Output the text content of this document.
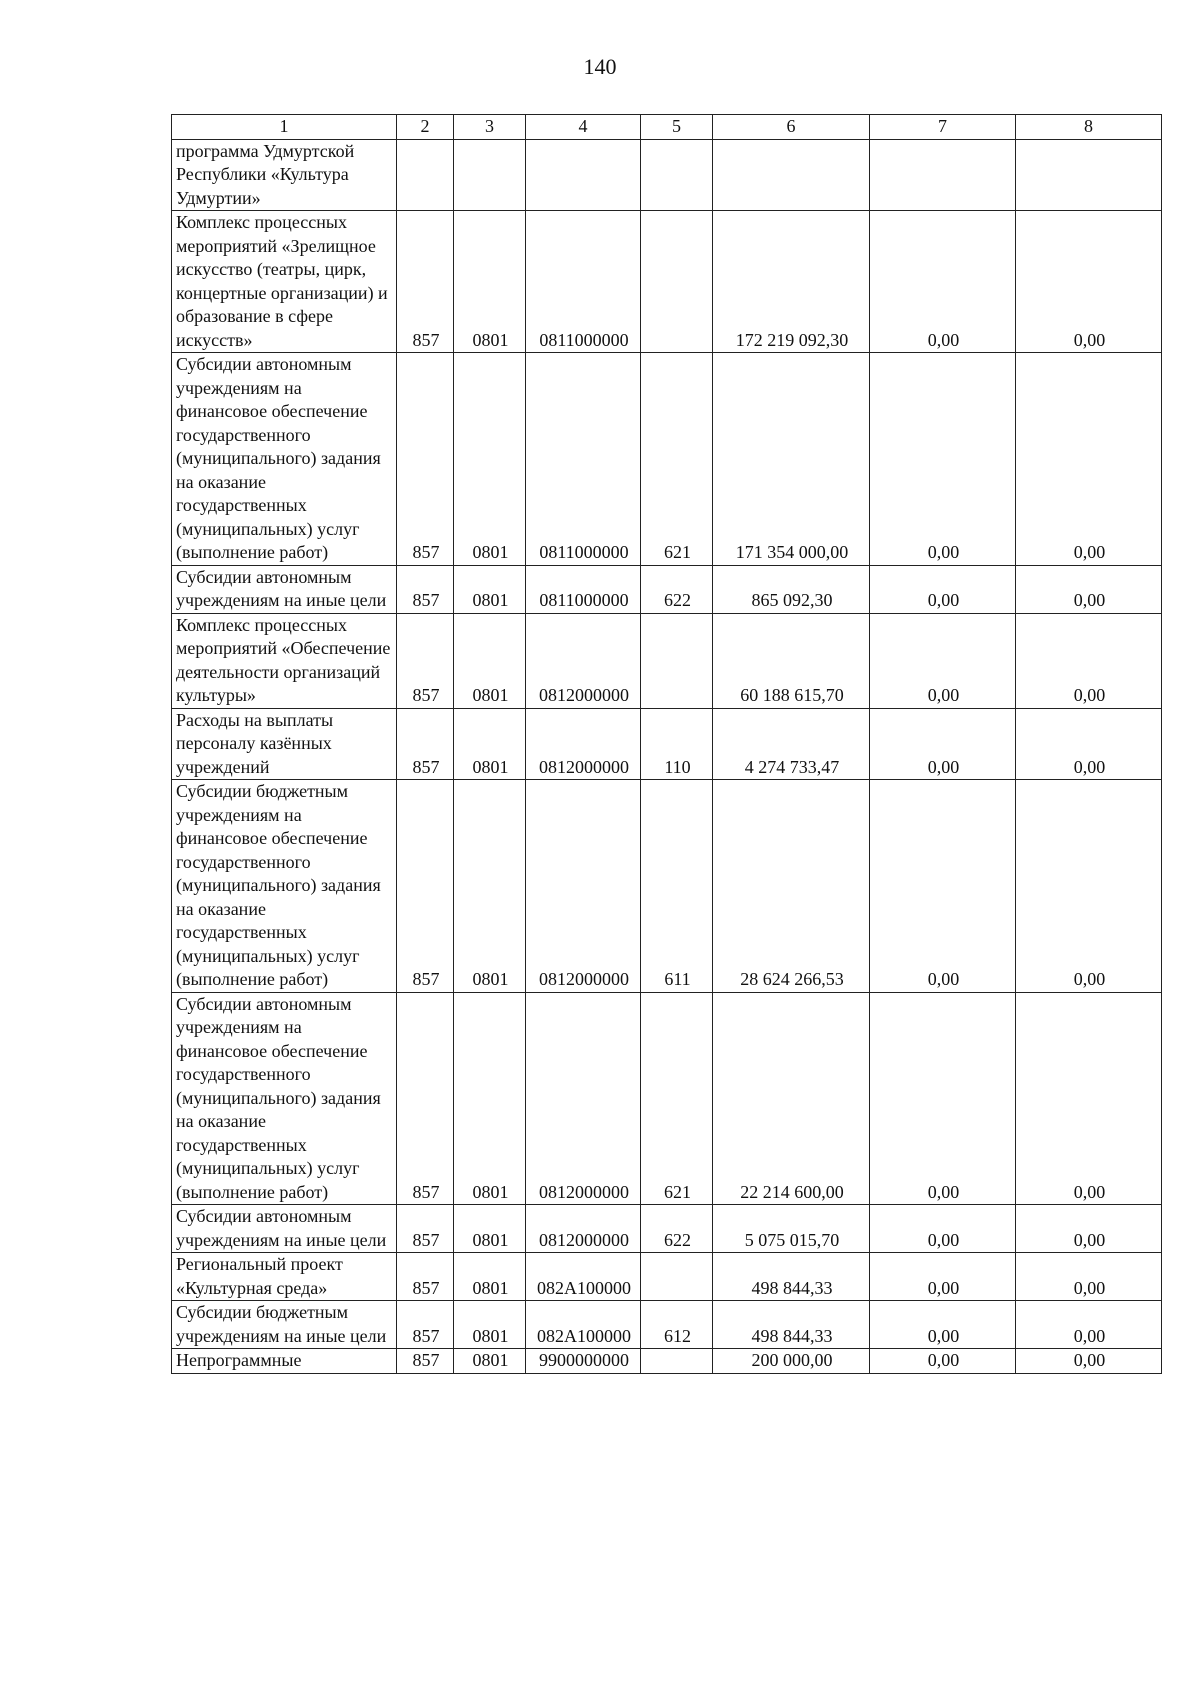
140
1	2	3	4	5	6	7	8
программа Удмуртской Республики «Культура Удмуртии»							
Комплекс процессных мероприятий «Зрелищное искусство (театры, цирк, концертные организации) и образование в сфере искусств»	857	0801	0811000000		172 219 092,30	0,00	0,00
Субсидии автономным учреждениям на финансовое обеспечение государственного (муниципального) задания на оказание государственных (муниципальных) услуг (выполнение работ)	857	0801	0811000000	621	171 354 000,00	0,00	0,00
Субсидии автономным учреждениям на иные цели	857	0801	0811000000	622	865 092,30	0,00	0,00
Комплекс процессных мероприятий «Обеспечение деятельности организаций культуры»	857	0801	0812000000		60 188 615,70	0,00	0,00
Расходы на выплаты персоналу казённых учреждений	857	0801	0812000000	110	4 274 733,47	0,00	0,00
Субсидии бюджетным учреждениям на финансовое обеспечение государственного (муниципального) задания на оказание государственных (муниципальных) услуг (выполнение работ)	857	0801	0812000000	611	28 624 266,53	0,00	0,00
Субсидии автономным учреждениям на финансовое обеспечение государственного (муниципального) задания на оказание государственных (муниципальных) услуг (выполнение работ)	857	0801	0812000000	621	22 214 600,00	0,00	0,00
Субсидии автономным учреждениям на иные цели	857	0801	0812000000	622	5 075 015,70	0,00	0,00
Региональный проект «Культурная среда»	857	0801	082A100000		498 844,33	0,00	0,00
Субсидии бюджетным учреждениям на иные цели	857	0801	082A100000	612	498 844,33	0,00	0,00
Непрограммные	857	0801	9900000000		200 000,00	0,00	0,00
